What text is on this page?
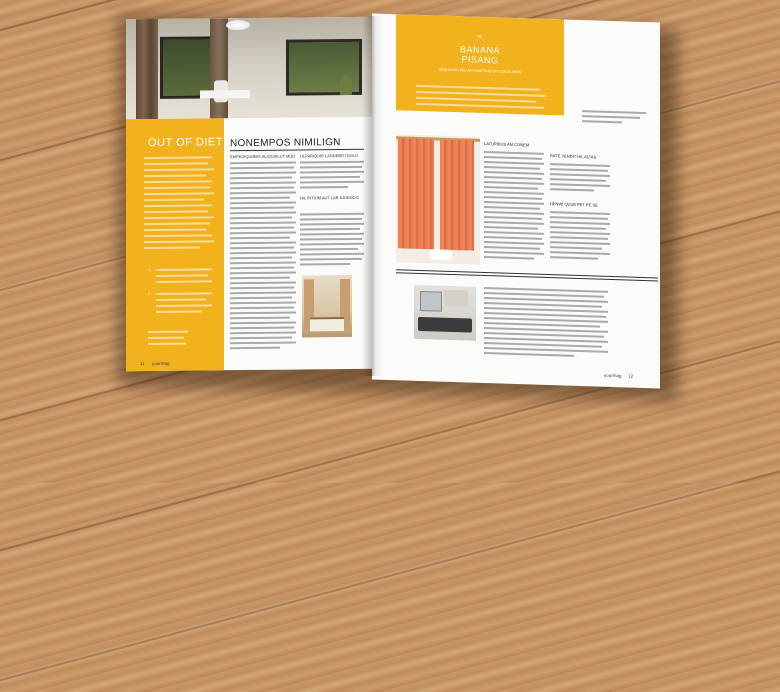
OUT OF DIET
1
2
NONEMPOS NIMILIGN
EMPEDIQUIRES ALIQUIALUT MOD ULPARIQUIE LANDEBITI DOLO
HIL INTIUM AUT LAB ILIGENDO
11 yourmag
BE
BANANA
PISANG
SEQUATIAS PELIAM REMPELIQ UIS DOLES MINS
LATURIBUS AM CONEM
RATE VENDIT HIL ALTAS
HENWI QUUE PET PE SE
yourmag 12
